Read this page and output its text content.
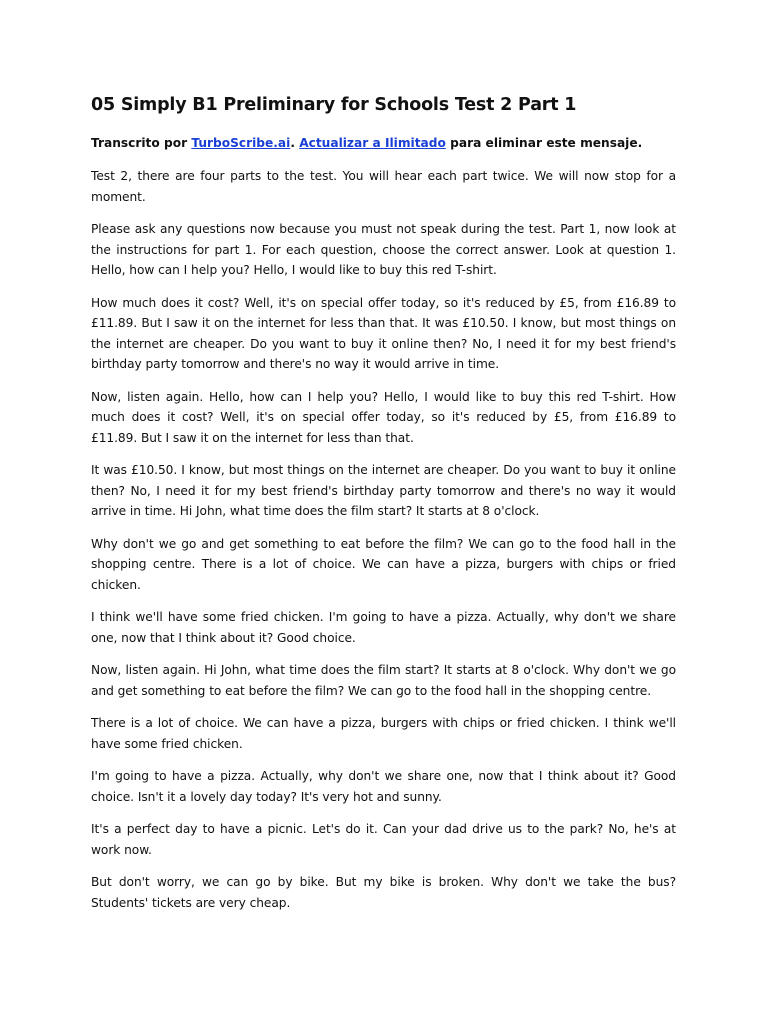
05 Simply B1 Preliminary for Schools Test 2 Part 1

Transcrito por TurboScribe.ai. Actualizar a Ilimitado para eliminar este mensaje.

Test 2, there are four parts to the test. You will hear each part twice. We will now stop for a moment.

Please ask any questions now because you must not speak during the test. Part 1, now look at the instructions for part 1. For each question, choose the correct answer. Look at question 1. Hello, how can I help you? Hello, I would like to buy this red T-shirt.

How much does it cost? Well, it's on special offer today, so it's reduced by £5, from £16.89 to £11.89. But I saw it on the internet for less than that. It was £10.50. I know, but most things on the internet are cheaper. Do you want to buy it online then? No, I need it for my best friend's birthday party tomorrow and there's no way it would arrive in time.

Now, listen again. Hello, how can I help you? Hello, I would like to buy this red T-shirt. How much does it cost? Well, it's on special offer today, so it's reduced by £5, from £16.89 to £11.89. But I saw it on the internet for less than that.

It was £10.50. I know, but most things on the internet are cheaper. Do you want to buy it online then? No, I need it for my best friend's birthday party tomorrow and there's no way it would arrive in time. Hi John, what time does the film start? It starts at 8 o'clock.

Why don't we go and get something to eat before the film? We can go to the food hall in the shopping centre. There is a lot of choice. We can have a pizza, burgers with chips or fried chicken.

I think we'll have some fried chicken. I'm going to have a pizza. Actually, why don't we share one, now that I think about it? Good choice.

Now, listen again. Hi John, what time does the film start? It starts at 8 o'clock. Why don't we go and get something to eat before the film? We can go to the food hall in the shopping centre.

There is a lot of choice. We can have a pizza, burgers with chips or fried chicken. I think we'll have some fried chicken.

I'm going to have a pizza. Actually, why don't we share one, now that I think about it? Good choice. Isn't it a lovely day today? It's very hot and sunny.

It's a perfect day to have a picnic. Let's do it. Can your dad drive us to the park? No, he's at work now.

But don't worry, we can go by bike. But my bike is broken. Why don't we take the bus? Students' tickets are very cheap.
